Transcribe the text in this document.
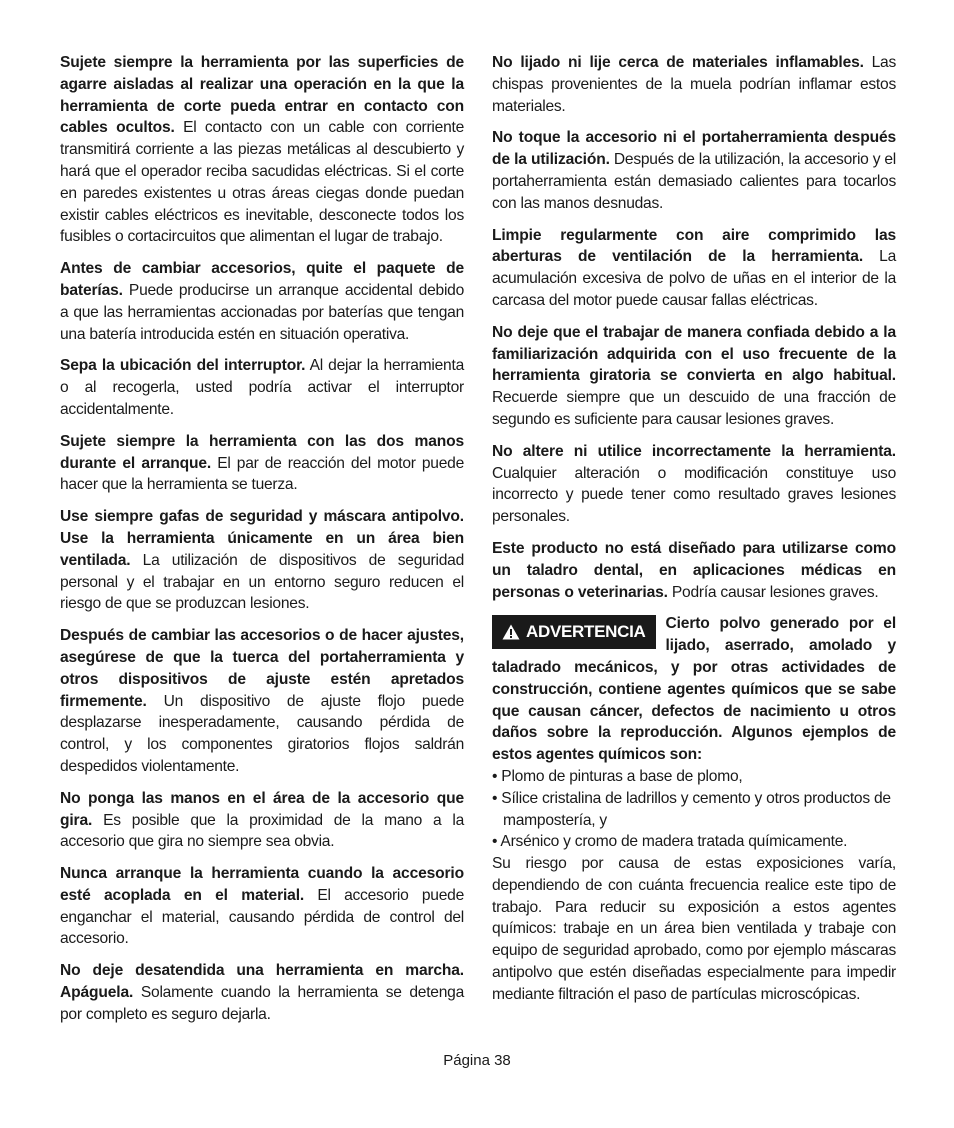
Sujete siempre la herramienta por las superficies de agarre aisladas al realizar una operación en la que la herramienta de corte pueda entrar en contacto con cables ocultos. El contacto con un cable con corriente transmitirá corriente a las piezas metálicas al descubierto y hará que el operador reciba sacudidas eléctricas. Si el corte en paredes existentes u otras áreas ciegas donde puedan existir cables eléctricos es inevitable, desconecte todos los fusibles o cortacircuitos que alimentan el lugar de trabajo.

Antes de cambiar accesorios, quite el paquete de baterías. Puede producirse un arranque accidental debido a que las herramientas accionadas por baterías que tengan una batería introducida estén en situación operativa.

Sepa la ubicación del interruptor. Al dejar la herramienta o al recogerla, usted podría activar el interruptor accidentalmente.

Sujete siempre la herramienta con las dos manos durante el arranque. El par de reacción del motor puede hacer que la herramienta se tuerza.

Use siempre gafas de seguridad y máscara antipolvo. Use la herramienta únicamente en un área bien ventilada. La utilización de dispositivos de seguridad personal y el trabajar en un entorno seguro reducen el riesgo de que se produzcan lesiones.

Después de cambiar las accesorios o de hacer ajustes, asegúrese de que la tuerca del portaherramienta y otros dispositivos de ajuste estén apretados firmemente. Un dispositivo de ajuste flojo puede desplazarse inesperadamente, causando pérdida de control, y los componentes giratorios flojos saldrán despedidos violentamente.

No ponga las manos en el área de la accesorio que gira. Es posible que la proximidad de la mano a la accesorio que gira no siempre sea obvia.

Nunca arranque la herramienta cuando la accesorio esté acoplada en el material. El accesorio puede enganchar el material, causando pérdida de control del accesorio.

No deje desatendida una herramienta en marcha. Apáguela. Solamente cuando la herramienta se detenga por completo es seguro dejarla.

No lijado ni lije cerca de materiales inflamables. Las chispas provenientes de la muela podrían inflamar estos materiales.

No toque la accesorio ni el portaherramienta después de la utilización. Después de la utilización, la accesorio y el portaherramienta están demasiado calientes para tocarlos con las manos desnudas.

Limpie regularmente con aire comprimido las aberturas de ventilación de la herramienta. La acumulación excesiva de polvo de uñas en el interior de la carcasa del motor puede causar fallas eléctricas.

No deje que el trabajar de manera confiada debido a la familiarización adquirida con el uso frecuente de la herramienta giratoria se convierta en algo habitual. Recuerde siempre que un descuido de una fracción de segundo es suficiente para causar lesiones graves.

No altere ni utilice incorrectamente la herramienta. Cualquier alteración o modificación constituye uso incorrecto y puede tener como resultado graves lesiones personales.

Este producto no está diseñado para utilizarse como un taladro dental, en aplicaciones médicas en personas o veterinarias. Podría causar lesiones graves.

ADVERTENCIA Cierto polvo generado por el lijado, aserrado, amolado y taladrado mecánicos, y por otras actividades de construcción, contiene agentes químicos que se sabe que causan cáncer, defectos de nacimiento u otros daños sobre la reproducción. Algunos ejemplos de estos agentes químicos son:
• Plomo de pinturas a base de plomo,
• Sílice cristalina de ladrillos y cemento y otros productos de mampostería, y
• Arsénico y cromo de madera tratada químicamente.

Su riesgo por causa de estas exposiciones varía, dependiendo de con cuánta frecuencia realice este tipo de trabajo. Para reducir su exposición a estos agentes químicos: trabaje en un área bien ventilada y trabaje con equipo de seguridad aprobado, como por ejemplo máscaras antipolvo que estén diseñadas especialmente para impedir mediante filtración el paso de partículas microscópicas.

Página 38
